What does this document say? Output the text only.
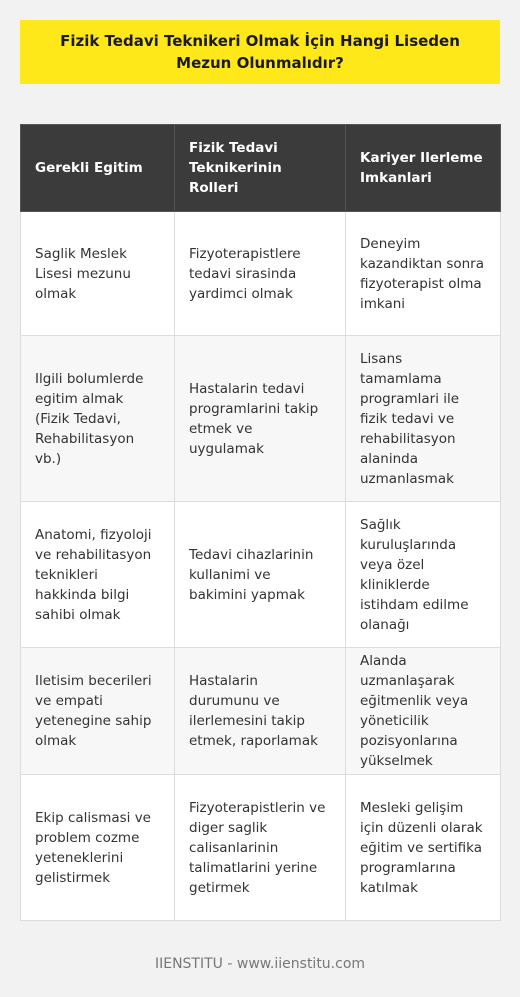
Fizik Tedavi Teknikeri Olmak İçin Hangi Liseden Mezun Olunmalıdır?
Gerekli Egitim	Fizik Tedavi Teknikerinin Rolleri	Kariyer Ilerleme Imkanlari
Saglik Meslek Lisesi mezunu olmak	Fizyoterapistlere tedavi sirasinda yardimci olmak	Deneyim kazandiktan sonra fizyoterapist olma imkani
Ilgili bolumlerde egitim almak (Fizik Tedavi, Rehabilitasyon vb.)	Hastalarin tedavi programlarini takip etmek ve uygulamak	Lisans tamamlama programlari ile fizik tedavi ve rehabilitasyon alaninda uzmanlasmak
Anatomi, fizyoloji ve rehabilitasyon teknikleri hakkinda bilgi sahibi olmak	Tedavi cihazlarinin kullanimi ve bakimini yapmak	Sağlık kuruluşlarında veya özel kliniklerde istihdam edilme olanağı
Iletisim becerileri ve empati yetenegine sahip olmak	Hastalarin durumunu ve ilerlemesini takip etmek, raporlamak	Alanda uzmanlaşarak eğitmenlik veya yöneticilik pozisyonlarına yükselmek
Ekip calismasi ve problem cozme yeteneklerini gelistirmek	Fizyoterapistlerin ve diger saglik calisanlarinin talimatlarini yerine getirmek	Mesleki gelişim için düzenli olarak eğitim ve sertifika programlarına katılmak
IIENSTITU - www.iienstitu.com
